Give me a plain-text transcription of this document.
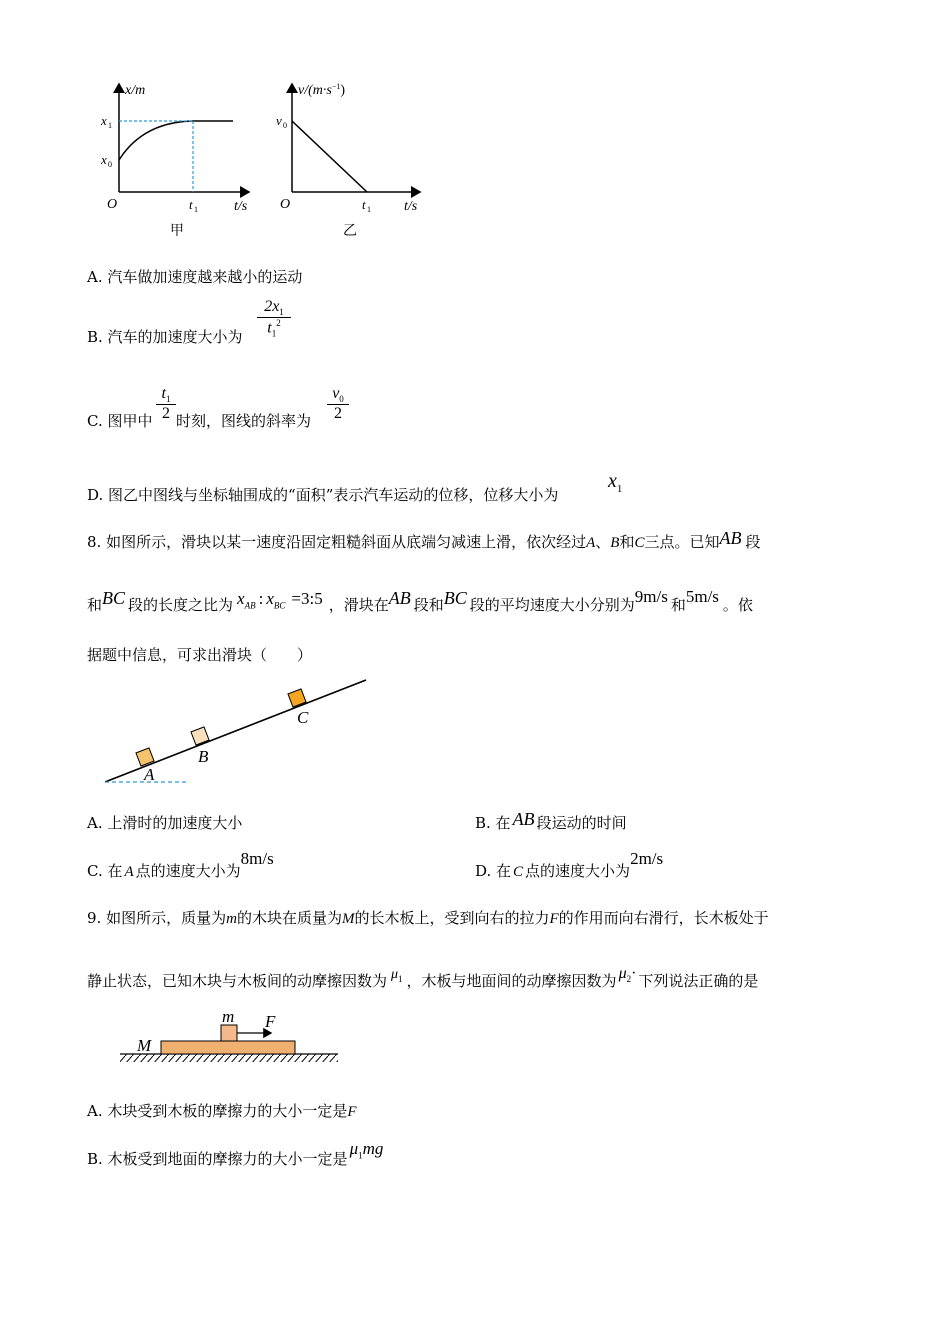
x/m
t/s
O
x 1
x 0
t 1
甲
$v/(m\cdot s^{-1})$
t/s
O
v 0
t 1
乙
A. 汽车做加速度越来越小的运动
B. 汽车的加速度大小为
$2x_1$
$t_1^2$
C. 图甲中
$t_1$
2 时刻，图线的斜率为
$v_0$
2
D. 图乙中图线与坐标轴围成的“面积”表示汽车运动的位移，位移大小为
$x_1$
8. 如图所示，滑块以某一速度沿固定粗糙斜面从底端匀减速上滑，依次经过A、B和C三点。已知AB 段
和BC 段的长度之比为 $x_{AB}$ : $x_{BC}$ =3:5 ，滑块在AB 段和BC 段的平均速度大小分别为9m/s 和5m/s 。依
据题中信息，可求出滑块（　　）
A
B
C
A. 上滑时的加速度大小	B. 在 AB 段运动的时间
C. 在 A 点的速度大小为8m/s
D. 在 C 点的速度大小为2m/s
9. 如图所示，质量为m的木块在质量为M的长木板上，受到向右的拉力F的作用而向右滑行，长木板处于
静止状态，已知木块与木板间的动摩擦因数为 $\mu_1$ ，木板与地面间的动摩擦因数为 $\mu_2\cdot$ 下列说法正确的是
m F
M
A. 木块受到木板的摩擦力的大小一定是F
B. 木板受到地面的摩擦力的大小一定是$\mu_1mg$
